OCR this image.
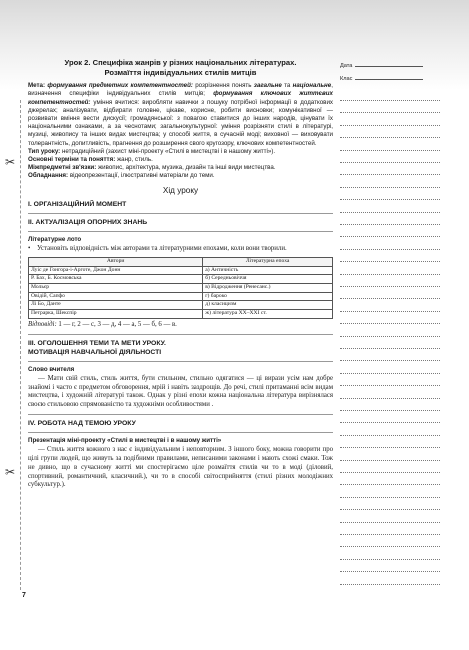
Дата
Клас
✂
✂
Урок 2. Специфіка жанрів у різних національних літературах.
Розмаїття індивідуальних стилів митців

Мета: формування предметних компетентностей: розрізнення понять загальне та національне, визначення специфіки індивідуальних стилів митців; формування ключових життєвих компетентностей: уміння вчитися: виробляти навички з пошуку потрібної інформації в додаткових джерелах; аналізувати, відбирати головне, цікаве, корисне, робити висновки; комунікативної — розвивати вміння вести дискусії; громадянської: з повагою ставитися до інших народів, цінувати їх національними ознаками, а за чеснотами; загальнокультурної: уміння розрізняти стилі в літературі, музиці, живопису та інших видах мистецтва; у способі життя, в сучасній моді; виховної — виховувати толерантність, допитливість, прагнення до розширення свого кругозору, ключових компетентностей.

Тип уроку: нетрадиційний (захист міні-проекту «Стилі в мистецтві і в нашому житті»).

Основні терміни та поняття: жанр, стиль.

Міжпредметні зв'язки: живопис, архітектура, музика, дизайн та інші види мистецтва.

Обладнання: відеопрезентації, ілюстративні матеріали до теми.

Хід уроку

І. ОРГАНІЗАЦІЙНИЙ МОМЕНТ

ІІ. АКТУАЛІЗАЦІЯ ОПОРНИХ ЗНАНЬ

Літературне лото

• Установіть відповідність між авторами та літературними епохами, коли вони творили.
Автори	Літературна епоха
Луіс де Гонгора-і-Арготе, Джон Донн	а) Античність
Р. Бах, Б. Космовська	б) Середньовіччя
Мольєр	в) Відродження (Ренесанс.)
Овідій, Сапфо	г) бароко
Лі Бо, Данте	д) класицизм
Петрарка, Шекспір	ж) література XX–XXI ст.

Відповіді: 1 — г, 2 — с, 3 — д, 4 — а, 5 — б, 6 — в.

ІІІ. ОГОЛОШЕННЯ ТЕМИ ТА МЕТИ УРОКУ.

МОТИВАЦІЯ НАВЧАЛЬНОЇ ДІЯЛЬНОСТІ

Слово вчителя

— Мати свій стиль, стиль життя, бути стильним, стильно одягатися — ці вирази усім нам добре знайомі і часто є предметом обговорення, мрій і навіть заздрощів. До речі, стилі притаманні всім видам мистецтва, і художній літературі також. Однак у різні епохи кожна національна література вирізнялася своєю стильовою спрямованістю та художніми особливостями .

IV. РОБОТА НАД ТЕМОЮ УРОКУ

Презентація міні-проекту «Стилі в мистецтві і в нашому житті»

— Стиль життя кожного з нас є індивідуальним і неповторним. З іншого боку, можна говорити про цілі групи людей, що живуть за подібними правилами, неписаними законами і мають схожі смаки. Тож не дивно, що в сучасному житті ми спостерігаємо ціле розмаїття стилів чи то в моді (діловий, спортивний, романтичний, класичний.), чи то в способі світосприйняття (стилі різних молодіжних субкультур.).

7
